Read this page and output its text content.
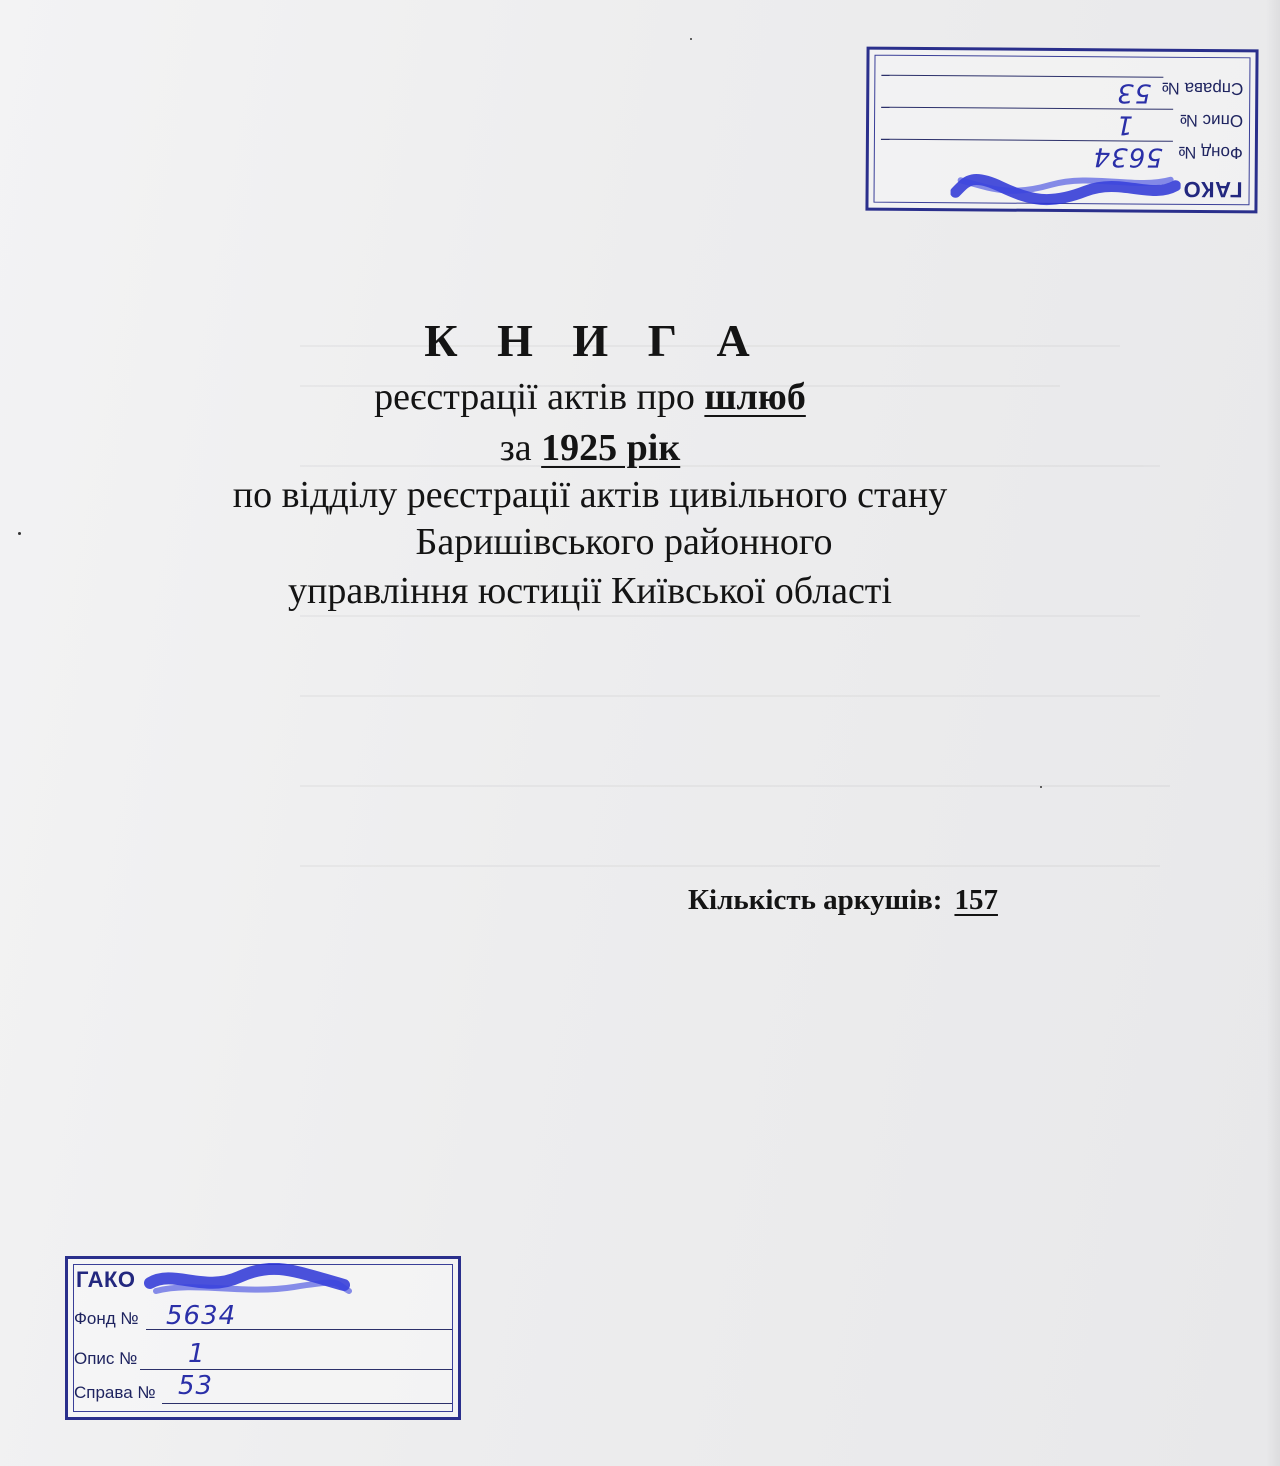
К Н И Г А
реєстрації актів про шлюб
за 1925 рік
по відділу реєстрації актів цивільного стану
Баришівського районного
управління юстиції Київської області
Кількість аркушів: 157
ГАКО
Фонд №
5634
Опис №
1
Справа №
53
ГАКО
Фонд № 5634
Опис № 1
Справа № 53
